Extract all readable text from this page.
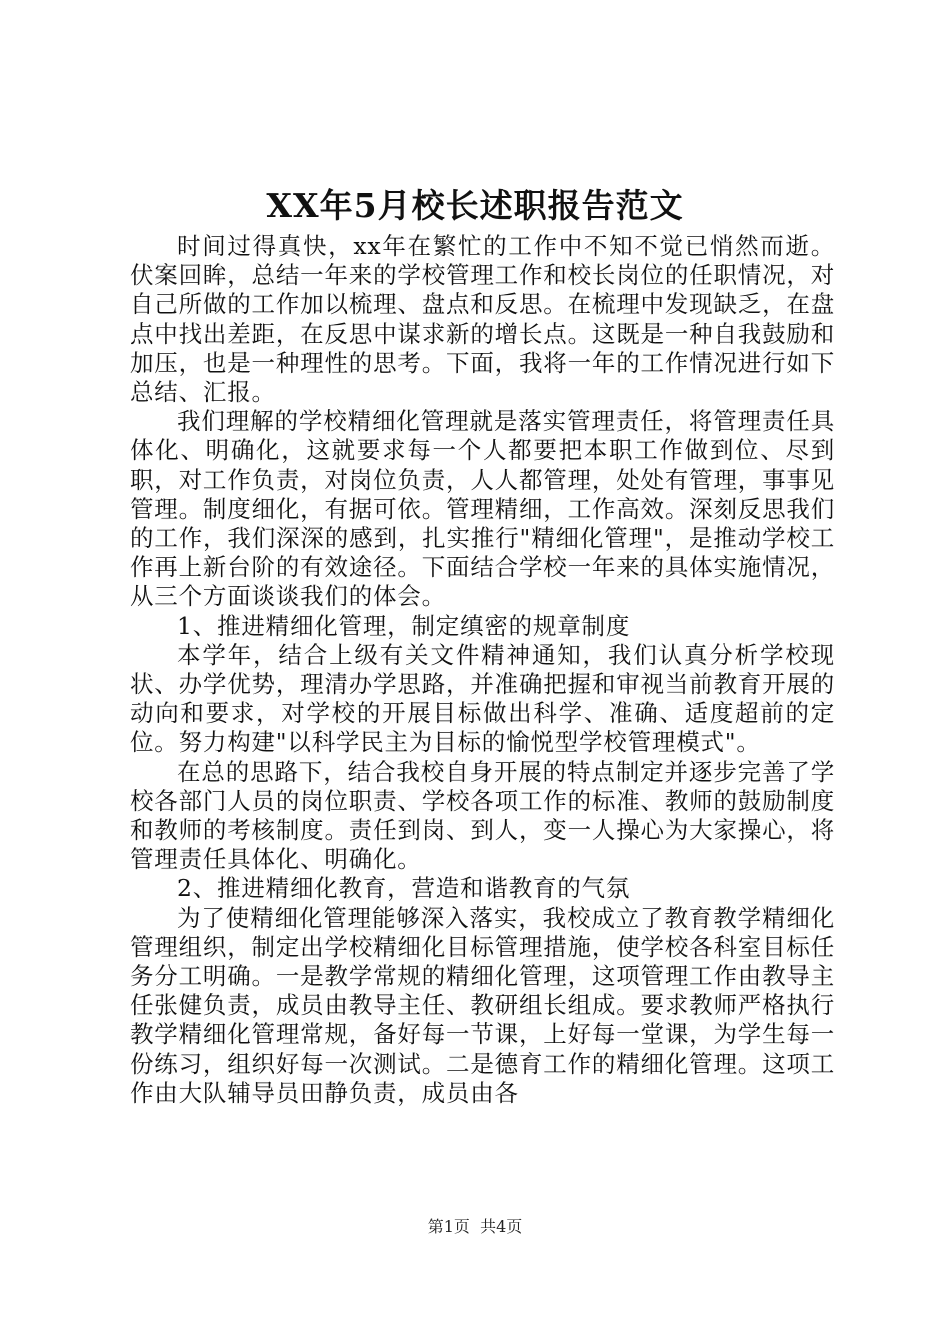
XX年5月校长述职报告范文

时间过得真快，xx年在繁忙的工作中不知不觉已悄然而逝。伏案回眸，总结一年来的学校管理工作和校长岗位的任职情况，对自己所做的工作加以梳理、盘点和反思。在梳理中发现缺乏，在盘点中找出差距，在反思中谋求新的增长点。这既是一种自我鼓励和加压，也是一种理性的思考。下面，我将一年的工作情况进行如下总结、汇报。

我们理解的学校精细化管理就是落实管理责任，将管理责任具体化、明确化，这就要求每一个人都要把本职工作做到位、尽到职，对工作负责，对岗位负责，人人都管理，处处有管理，事事见管理。制度细化，有据可依。管理精细，工作高效。深刻反思我们的工作，我们深深的感到，扎实推行"精细化管理"，是推动学校工作再上新台阶的有效途径。下面结合学校一年来的具体实施情况，从三个方面谈谈我们的体会。

1、推进精细化管理，制定缜密的规章制度

本学年，结合上级有关文件精神通知，我们认真分析学校现状、办学优势，理清办学思路，并准确把握和审视当前教育开展的动向和要求，对学校的开展目标做出科学、准确、适度超前的定位。努力构建"以科学民主为目标的愉悦型学校管理模式"。

在总的思路下，结合我校自身开展的特点制定并逐步完善了学校各部门人员的岗位职责、学校各项工作的标准、教师的鼓励制度和教师的考核制度。责任到岗、到人，变一人操心为大家操心，将管理责任具体化、明确化。

2、推进精细化教育，营造和谐教育的气氛

为了使精细化管理能够深入落实，我校成立了教育教学精细化管理组织，制定出学校精细化目标管理措施，使学校各科室目标任务分工明确。一是教学常规的精细化管理，这项管理工作由教导主任张健负责，成员由教导主任、教研组长组成。要求教师严格执行教学精细化管理常规，备好每一节课，上好每一堂课，为学生每一份练习，组织好每一次测试。二是德育工作的精细化管理。这项工作由大队辅导员田静负责，成员由各

第1页 共4页
